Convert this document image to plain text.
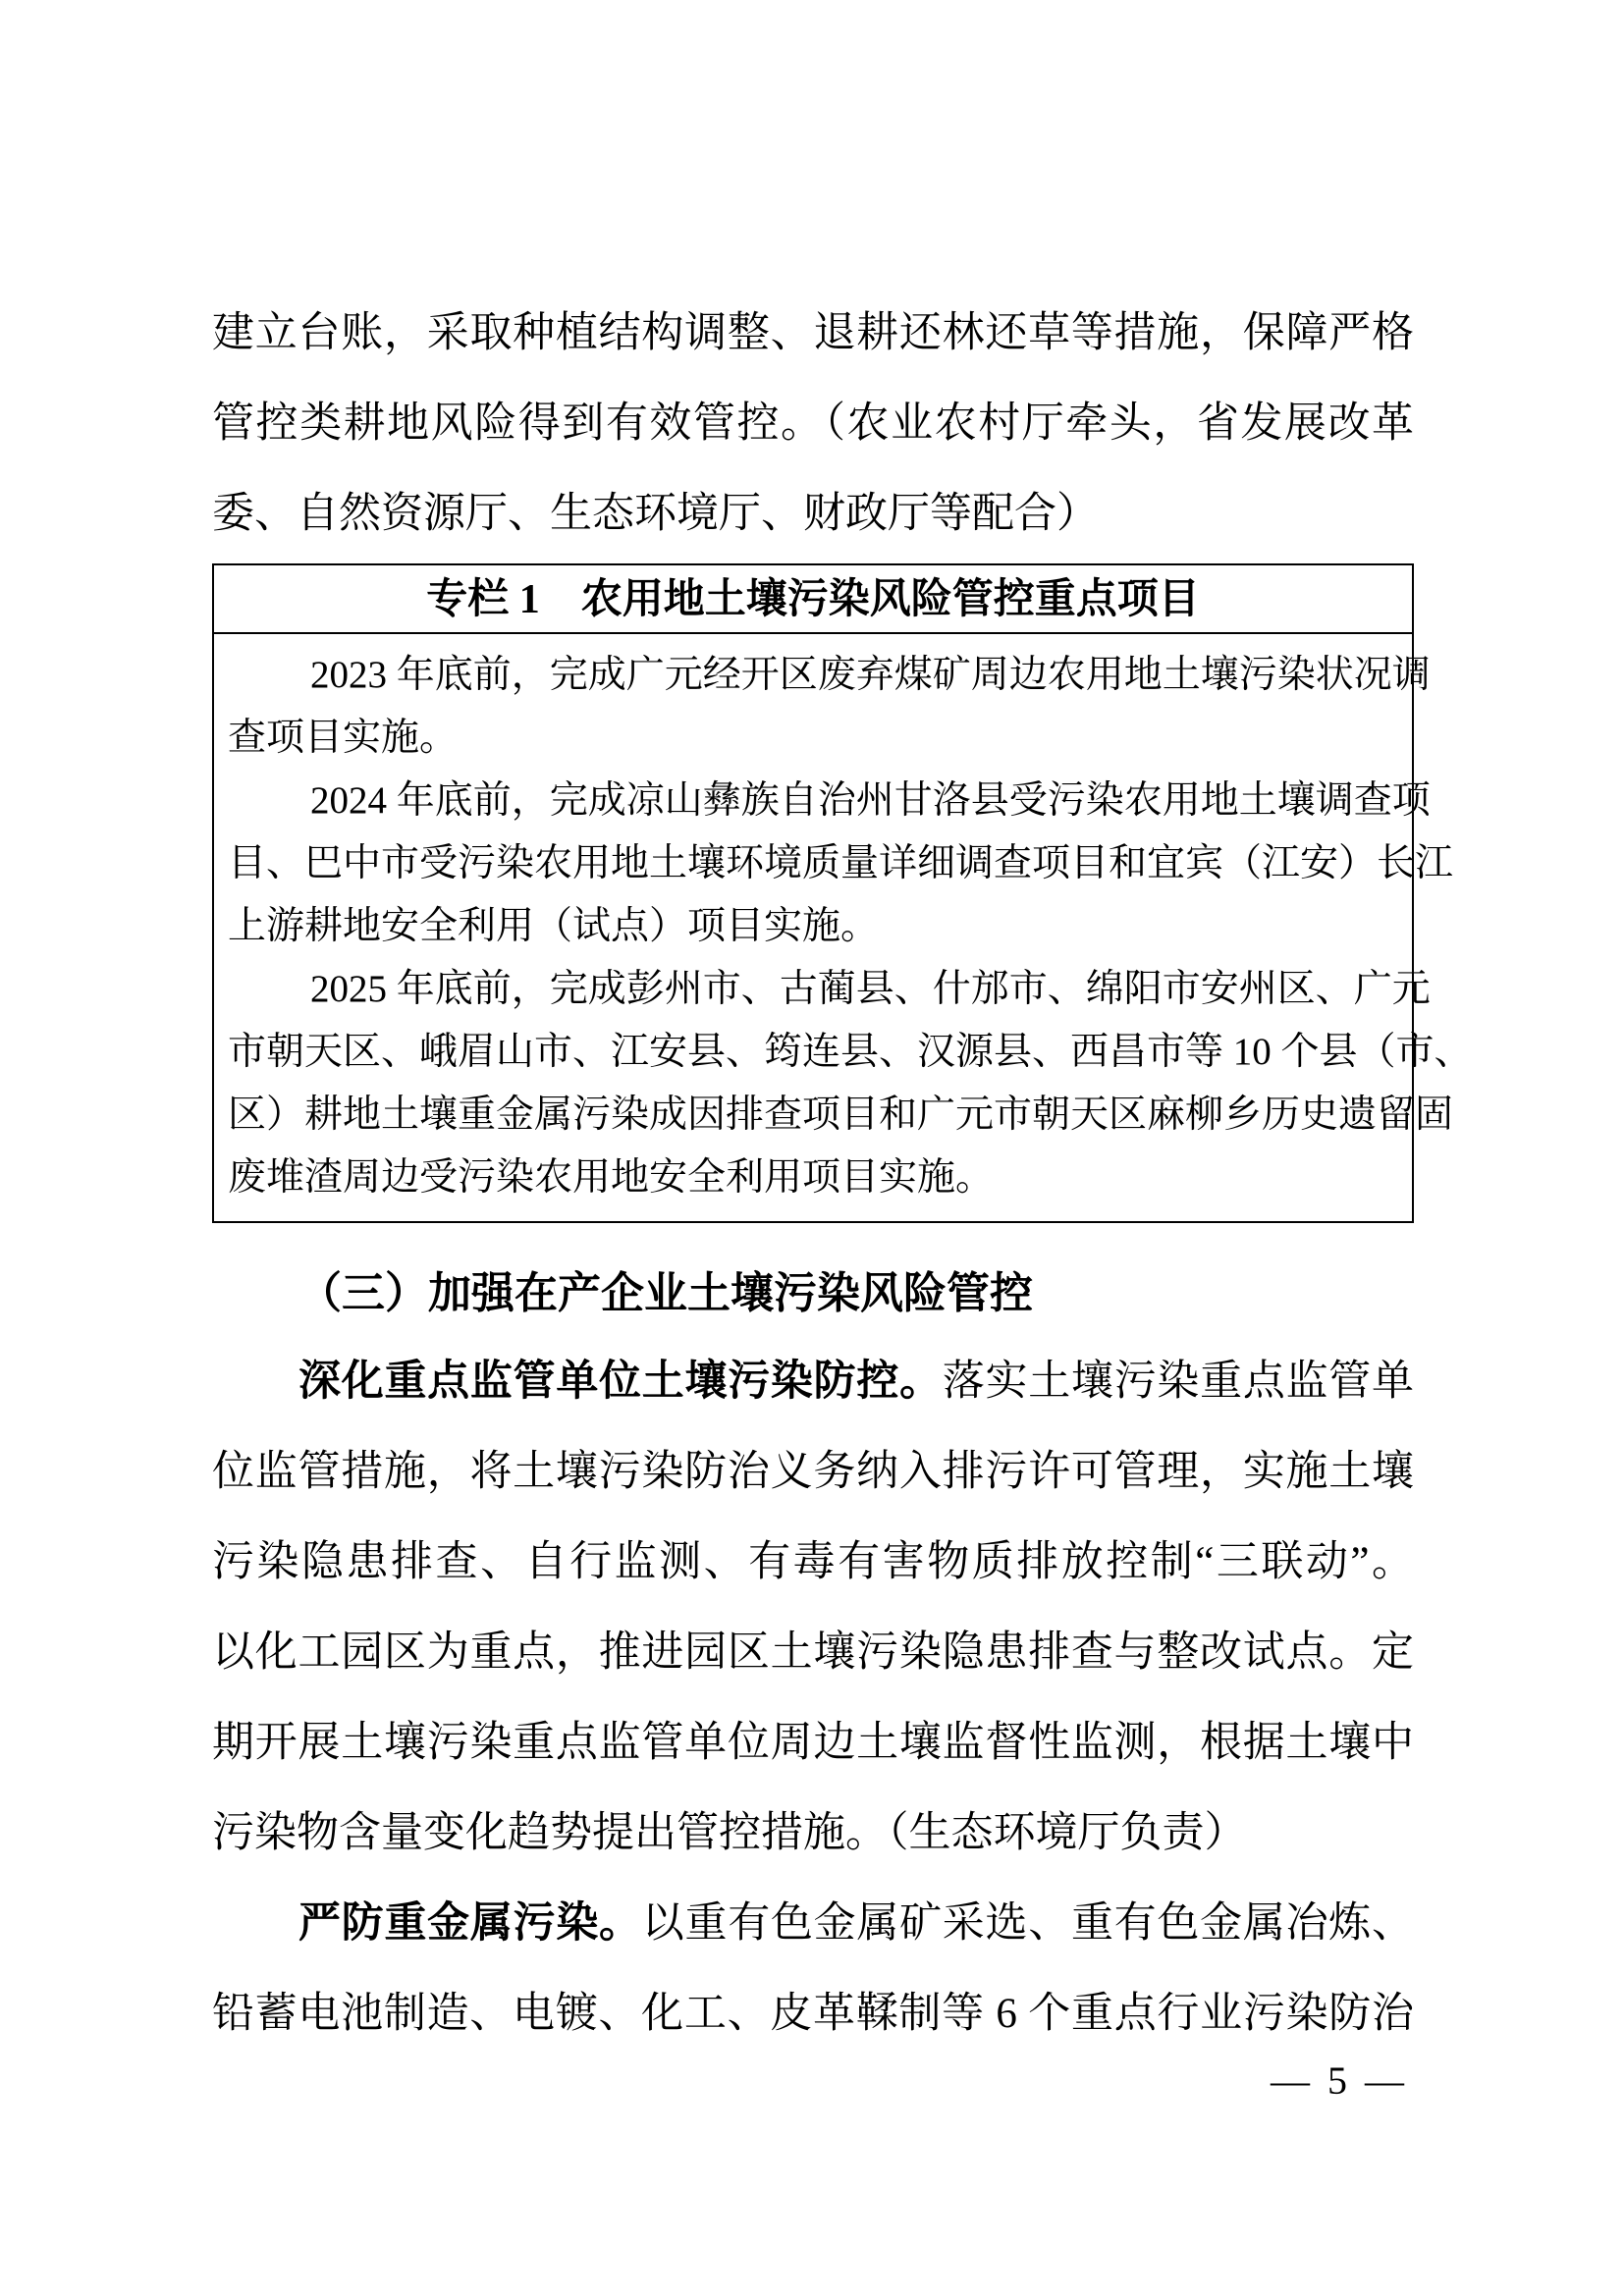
建立台账，采取种植结构调整、退耕还林还草等措施，保障严格
管控类耕地风险得到有效管控。（农业农村厅牵头，省发展改革
委、自然资源厅、生态环境厅、财政厅等配合）
专栏 1　农用地土壤污染风险管控重点项目
2023 年底前，完成广元经开区废弃煤矿周边农用地土壤污染状况调
查项目实施。
2024 年底前，完成凉山彝族自治州甘洛县受污染农用地土壤调查项
目、巴中市受污染农用地土壤环境质量详细调查项目和宜宾（江安）长江
上游耕地安全利用（试点）项目实施。
2025 年底前，完成彭州市、古蔺县、什邡市、绵阳市安州区、广元
市朝天区、峨眉山市、江安县、筠连县、汉源县、西昌市等 10 个县（市、
区）耕地土壤重金属污染成因排查项目和广元市朝天区麻柳乡历史遗留固
废堆渣周边受污染农用地安全利用项目实施。
（三）加强在产企业土壤污染风险管控
深化重点监管单位土壤污染防控。落实土壤污染重点监管单
位监管措施，将土壤污染防治义务纳入排污许可管理，实施土壤
污染隐患排查、自行监测、有毒有害物质排放控制“三联动”。
以化工园区为重点，推进园区土壤污染隐患排查与整改试点。定
期开展土壤污染重点监管单位周边土壤监督性监测，根据土壤中
污染物含量变化趋势提出管控措施。（生态环境厅负责）
严防重金属污染。以重有色金属矿采选、重有色金属冶炼、
铅蓄电池制造、电镀、化工、皮革鞣制等 6 个重点行业污染防治
— 5 —
